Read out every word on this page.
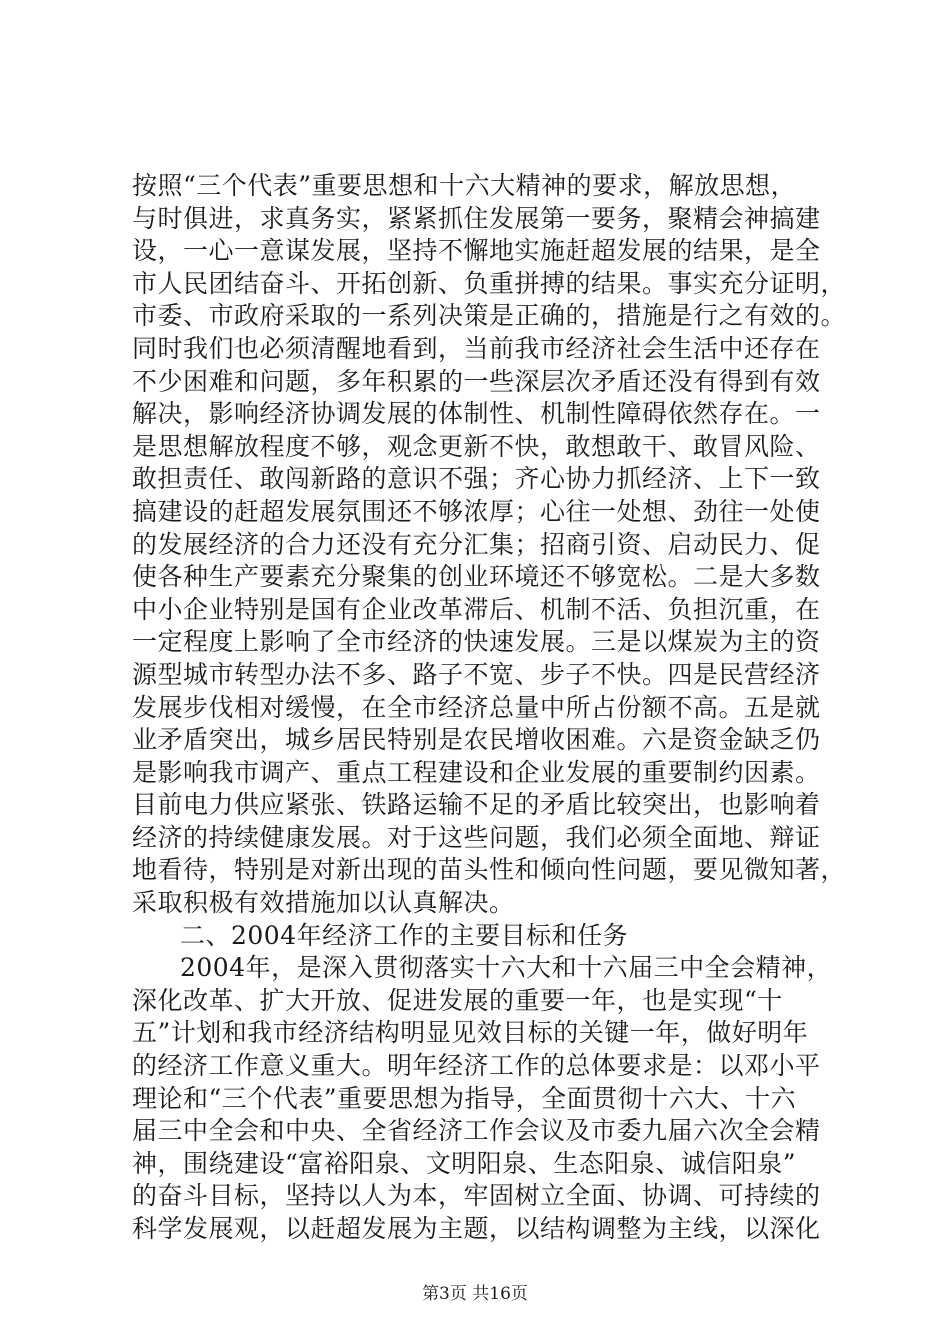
按照“三个代表”重要思想和十六大精神的要求，解放思想，
与时俱进，求真务实，紧紧抓住发展第一要务，聚精会神搞建
设，一心一意谋发展，坚持不懈地实施赶超发展的结果，是全
市人民团结奋斗、开拓创新、负重拼搏的结果。事实充分证明，
市委、市政府采取的一系列决策是正确的，措施是行之有效的。
同时我们也必须清醒地看到，当前我市经济社会生活中还存在
不少困难和问题，多年积累的一些深层次矛盾还没有得到有效
解决，影响经济协调发展的体制性、机制性障碍依然存在。一
是思想解放程度不够，观念更新不快，敢想敢干、敢冒风险、
敢担责任、敢闯新路的意识不强；齐心协力抓经济、上下一致
搞建设的赶超发展氛围还不够浓厚；心往一处想、劲往一处使
的发展经济的合力还没有充分汇集；招商引资、启动民力、促
使各种生产要素充分聚集的创业环境还不够宽松。二是大多数
中小企业特别是国有企业改革滞后、机制不活、负担沉重，在
一定程度上影响了全市经济的快速发展。三是以煤炭为主的资
源型城市转型办法不多、路子不宽、步子不快。四是民营经济
发展步伐相对缓慢，在全市经济总量中所占份额不高。五是就
业矛盾突出，城乡居民特别是农民增收困难。六是资金缺乏仍
是影响我市调产、重点工程建设和企业发展的重要制约因素。
目前电力供应紧张、铁路运输不足的矛盾比较突出，也影响着
经济的持续健康发展。对于这些问题，我们必须全面地、辩证
地看待，特别是对新出现的苗头性和倾向性问题，要见微知著，
采取积极有效措施加以认真解决。
二、2004年经济工作的主要目标和任务
2004年，是深入贯彻落实十六大和十六届三中全会精神，
深化改革、扩大开放、促进发展的重要一年，也是实现“十
五”计划和我市经济结构明显见效目标的关键一年，做好明年
的经济工作意义重大。明年经济工作的总体要求是：以邓小平
理论和“三个代表”重要思想为指导，全面贯彻十六大、十六
届三中全会和中央、全省经济工作会议及市委九届六次全会精
神，围绕建设“富裕阳泉、文明阳泉、生态阳泉、诚信阳泉”
的奋斗目标，坚持以人为本，牢固树立全面、协调、可持续的
科学发展观，以赶超发展为主题，以结构调整为主线，以深化
第3页 共16页
